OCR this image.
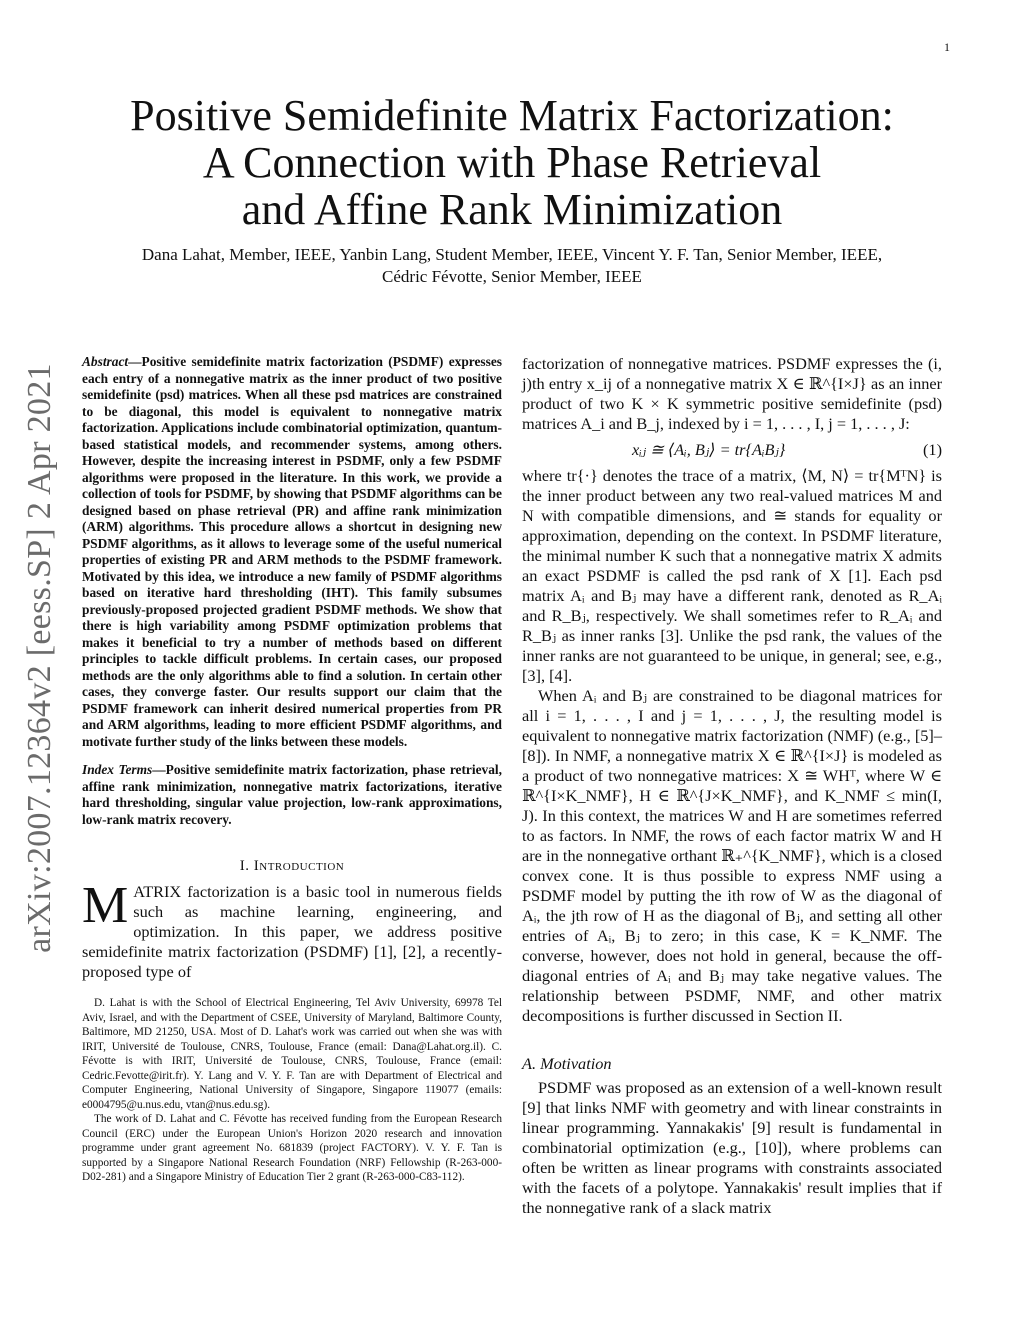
1
arXiv:2007.12364v2 [eess.SP] 2 Apr 2021
Positive Semidefinite Matrix Factorization:
A Connection with Phase Retrieval
and Affine Rank Minimization
Dana Lahat, Member, IEEE, Yanbin Lang, Student Member, IEEE, Vincent Y. F. Tan, Senior Member, IEEE,
Cédric Févotte, Senior Member, IEEE

Abstract—Positive semidefinite matrix factorization (PSDMF) expresses each entry of a nonnegative matrix as the inner product of two positive semidefinite (psd) matrices. When all these psd matrices are constrained to be diagonal, this model is equivalent to nonnegative matrix factorization. Applications include combinatorial optimization, quantum-based statistical models, and recommender systems, among others. However, despite the increasing interest in PSDMF, only a few PSDMF algorithms were proposed in the literature. In this work, we provide a collection of tools for PSDMF, by showing that PSDMF algorithms can be designed based on phase retrieval (PR) and affine rank minimization (ARM) algorithms. This procedure allows a shortcut in designing new PSDMF algorithms, as it allows to leverage some of the useful numerical properties of existing PR and ARM methods to the PSDMF framework. Motivated by this idea, we introduce a new family of PSDMF algorithms based on iterative hard thresholding (IHT). This family subsumes previously-proposed projected gradient PSDMF methods. We show that there is high variability among PSDMF optimization problems that makes it beneficial to try a number of methods based on different principles to tackle difficult problems. In certain cases, our proposed methods are the only algorithms able to find a solution. In certain other cases, they converge faster. Our results support our claim that the PSDMF framework can inherit desired numerical properties from PR and ARM algorithms, leading to more efficient PSDMF algorithms, and motivate further study of the links between these models.

Index Terms—Positive semidefinite matrix factorization, phase retrieval, affine rank minimization, nonnegative matrix factorizations, iterative hard thresholding, singular value projection, low-rank approximations, low-rank matrix recovery.

I. Introduction

MATRIX factorization is a basic tool in numerous fields such as machine learning, engineering, and optimization. In this paper, we address positive semidefinite matrix factorization (PSDMF) [1], [2], a recently-proposed type of

D. Lahat is with the School of Electrical Engineering, Tel Aviv University, 69978 Tel Aviv, Israel, and with the Department of CSEE, University of Maryland, Baltimore County, Baltimore, MD 21250, USA. Most of D. Lahat's work was carried out when she was with IRIT, Université de Toulouse, CNRS, Toulouse, France (email: Dana@Lahat.org.il). C. Févotte is with IRIT, Université de Toulouse, CNRS, Toulouse, France (email: Cedric.Fevotte@irit.fr). Y. Lang and V. Y. F. Tan are with Department of Electrical and Computer Engineering, National University of Singapore, Singapore 119077 (emails: e0004795@u.nus.edu, vtan@nus.edu.sg).

The work of D. Lahat and C. Févotte has received funding from the European Research Council (ERC) under the European Union's Horizon 2020 research and innovation programme under grant agreement No. 681839 (project FACTORY). V. Y. F. Tan is supported by a Singapore National Research Foundation (NRF) Fellowship (R-263-000-D02-281) and a Singapore Ministry of Education Tier 2 grant (R-263-000-C83-112).

factorization of nonnegative matrices. PSDMF expresses the (i, j)th entry x_ij of a nonnegative matrix X ∈ ℝ^{I×J} as an inner product of two K × K symmetric positive semidefinite (psd) matrices A_i and B_j, indexed by i = 1, . . . , I, j = 1, . . . , J:

xᵢⱼ ≅ ⟨Aᵢ, Bⱼ⟩ = tr{AᵢBⱼ}	(1)

where tr{·} denotes the trace of a matrix, ⟨M, N⟩ = tr{MᵀN} is the inner product between any two real-valued matrices M and N with compatible dimensions, and ≅ stands for equality or approximation, depending on the context. In PSDMF literature, the minimal number K such that a nonnegative matrix X admits an exact PSDMF is called the psd rank of X [1]. Each psd matrix Aᵢ and Bⱼ may have a different rank, denoted as R_Aᵢ and R_Bⱼ, respectively. We shall sometimes refer to R_Aᵢ and R_Bⱼ as inner ranks [3]. Unlike the psd rank, the values of the inner ranks are not guaranteed to be unique, in general; see, e.g., [3], [4].

When Aᵢ and Bⱼ are constrained to be diagonal matrices for all i = 1, . . . , I and j = 1, . . . , J, the resulting model is equivalent to nonnegative matrix factorization (NMF) (e.g., [5]–[8]). In NMF, a nonnegative matrix X ∈ ℝ^{I×J} is modeled as a product of two nonnegative matrices: X ≅ WHᵀ, where W ∈ ℝ^{I×K_NMF}, H ∈ ℝ^{J×K_NMF}, and K_NMF ≤ min(I, J). In this context, the matrices W and H are sometimes referred to as factors. In NMF, the rows of each factor matrix W and H are in the nonnegative orthant ℝ₊^{K_NMF}, which is a closed convex cone. It is thus possible to express NMF using a PSDMF model by putting the ith row of W as the diagonal of Aᵢ, the jth row of H as the diagonal of Bⱼ, and setting all other entries of Aᵢ, Bⱼ to zero; in this case, K = K_NMF. The converse, however, does not hold in general, because the off-diagonal entries of Aᵢ and Bⱼ may take negative values. The relationship between PSDMF, NMF, and other matrix decompositions is further discussed in Section II.

A. Motivation

PSDMF was proposed as an extension of a well-known result [9] that links NMF with geometry and with linear constraints in linear programming. Yannakakis' [9] result is fundamental in combinatorial optimization (e.g., [10]), where problems can often be written as linear programs with constraints associated with the facets of a polytope. Yannakakis' result implies that if the nonnegative rank of a slack matrix
